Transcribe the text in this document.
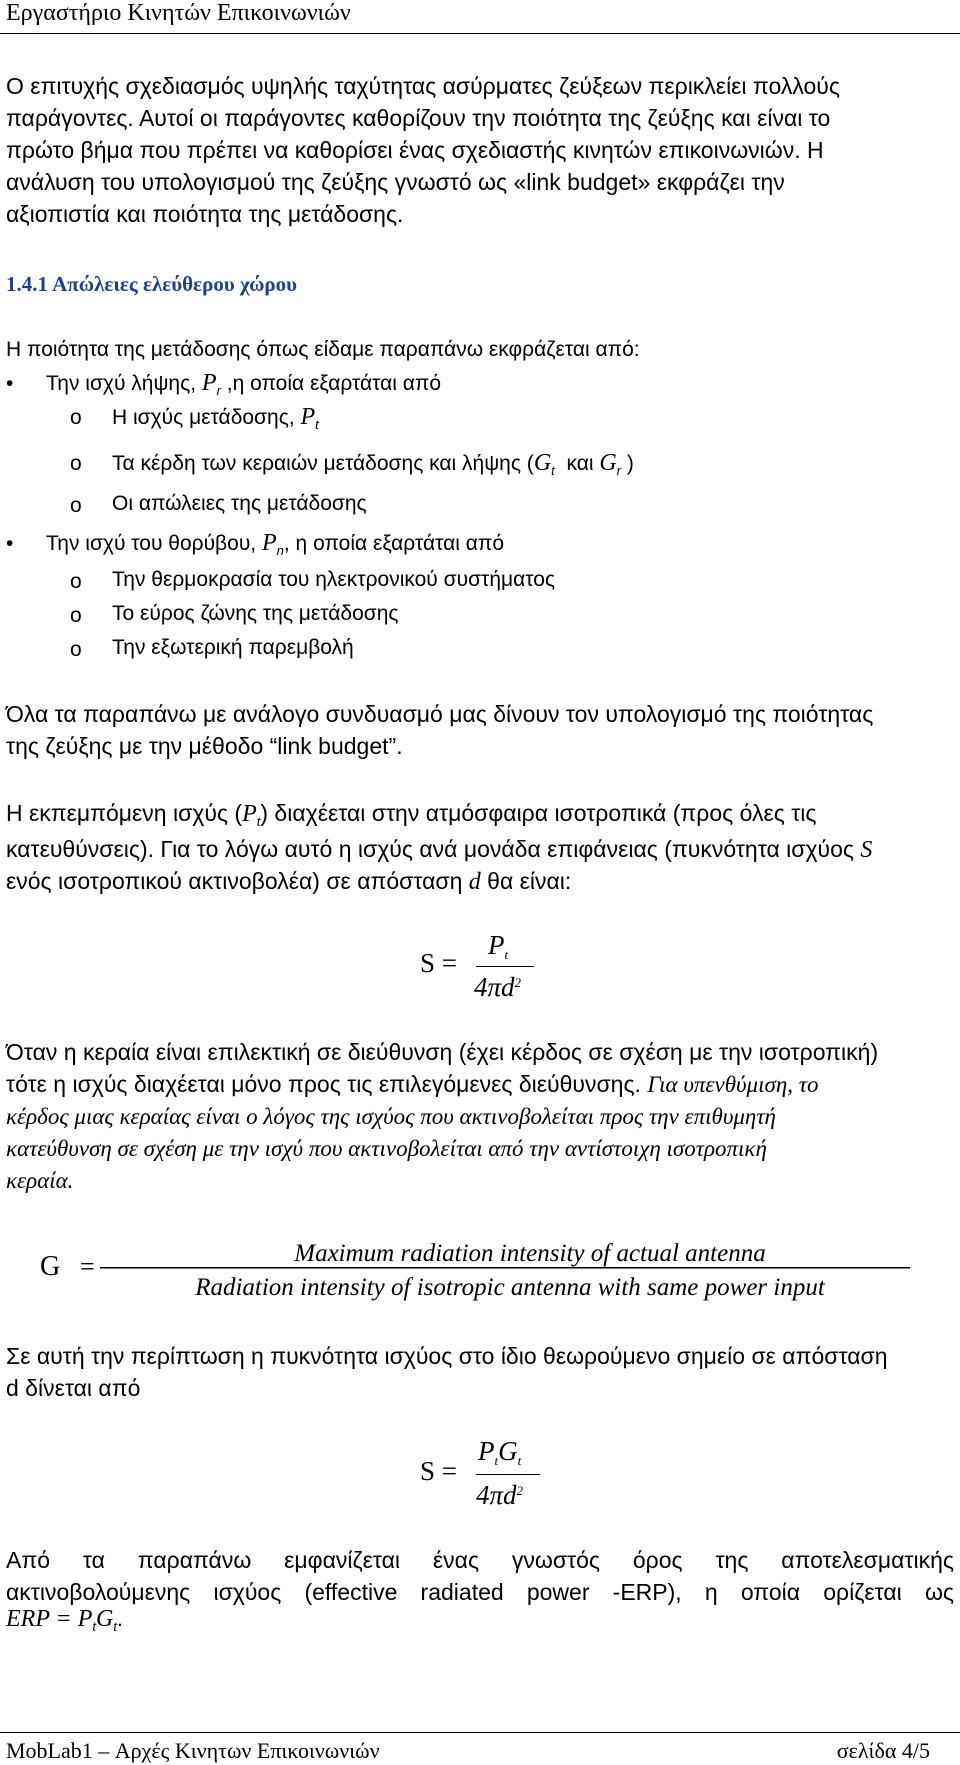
Εργαστήριο Κινητών Επικοινωνιών
Ο επιτυχής σχεδιασμός υψηλής ταχύτητας ασύρματες ζεύξεων περικλείει πολλούς
παράγοντες. Αυτοί οι παράγοντες καθορίζουν την ποιότητα της ζεύξης και είναι το
πρώτο βήμα που πρέπει να καθορίσει ένας σχεδιαστής κινητών επικοινωνιών. Η
ανάλυση του υπολογισμού της ζεύξης γνωστό ως «link budget» εκφράζει την
αξιοπιστία και ποιότητα της μετάδοσης.
1.4.1 Απώλειες ελεύθερου χώρου
Η ποιότητα της μετάδοσης όπως είδαμε παραπάνω εκφράζεται από:
• Την ισχύ λήψης, $P_r$ ,η οποία εξαρτάται από
o Η ισχύς μετάδοσης, $P_t$
o Τα κέρδη των κεραιών μετάδοσης και λήψης ($G_t$ και $G_r$ )
o Οι απώλειες της μετάδοσης
• Την ισχύ του θορύβου, $P_n$, η οποία εξαρτάται από
o Την θερμοκρασία του ηλεκτρονικού συστήματος
o Το εύρος ζώνης της μετάδοσης
o Την εξωτερική παρεμβολή
Όλα τα παραπάνω με ανάλογο συνδυασμό μας δίνουν τον υπολογισμό της ποιότητας
της ζεύξης με την μέθοδο “link budget”.
Η εκπεμπόμενη ισχύς $(P_t)$ διαχέεται στην ατμόσφαιρα ισοτροπικά (προς όλες τις
κατευθύνσεις). Για το λόγω αυτό η ισχύς ανά μονάδα επιφάνειας (πυκνότητα ισχύος S
ενός ισοτροπικού ακτινοβολέα) σε απόσταση d θα είναι:
S =
$P_t$
$4\pi d^2$
Όταν η κεραία είναι επιλεκτική σε διεύθυνση (έχει κέρδος σε σχέση με την ισοτροπική)
τότε η ισχύς διαχέεται μόνο προς τις επιλεγόμενες διεύθυνσης. Για υπενθύμιση, το
κέρδος μιας κεραίας είναι ο λόγος της ισχύος που ακτινοβολείται προς την επιθυμητή
κατεύθυνση σε σχέση με την ισχύ που ακτινοβολείται από την αντίστοιχη ισοτροπική
κεραία.
G =	Maximum radiation intensity of actual antenna
Radiation intensity of isotropic antenna with same power input
Σε αυτή την περίπτωση η πυκνότητα ισχύος στο ίδιο θεωρούμενο σημείο σε απόσταση
d δίνεται από
S =
$P_tG_t$
$4\pi d^2$
Από τα παραπάνω εμφανίζεται ένας γνωστός όρος της αποτελεσματικής
ακτινοβολούμενης ισχύος (effective radiated power -ERP), η οποία ορίζεται ως
ERP = $P_tG_t$.
MobLab1 – Αρχές Κινητων Επικοινωνιών	σελίδα 4/5
